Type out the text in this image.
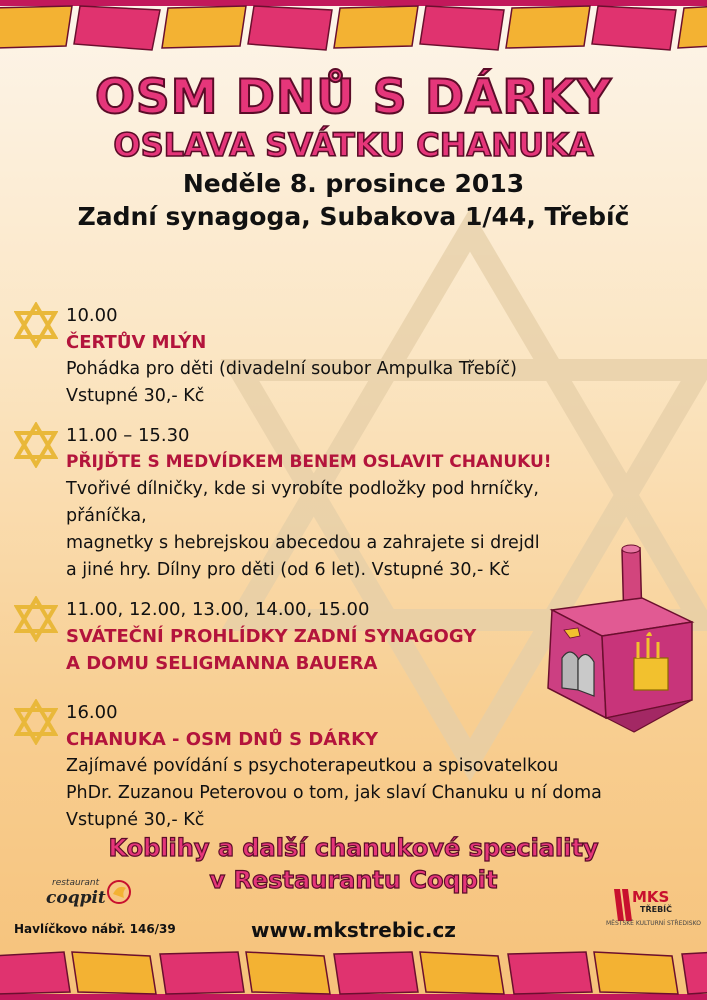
OSM DNŮ S DÁRKY
OSLAVA SVÁTKU CHANUKA
Neděle 8. prosince 2013
Zadní synagoga, Subakova 1/44, Třebíč
10.00
ČERTŮV MLÝN
Pohádka pro děti (divadelní soubor Ampulka Třebíč)
Vstupné 30,- Kč
11.00 – 15.30
PŘIJĎTE S MEDVÍDKEM BENEM OSLAVIT CHANUKU!
Tvořivé dílničky, kde si vyrobíte podložky pod hrníčky, přáníčka,
magnetky s hebrejskou abecedou a zahrajete si drejdl
a jiné hry. Dílny pro děti (od 6 let). Vstupné 30,- Kč
11.00, 12.00, 13.00, 14.00, 15.00
SVÁTEČNÍ PROHLÍDKY ZADNÍ SYNAGOGY
A DOMU SELIGMANNA BAUERA
16.00
CHANUKA - OSM DNŮ S DÁRKY
Zajímavé povídání s psychoterapeutkou a spisovatelkou
PhDr. Zuzanou Peterovou o tom, jak slaví Chanuku u ní doma
Vstupné 30,- Kč
Koblihy a další chanukové speciality
v Restaurantu Coqpit
restaurant
coqpit
Havlíčkovo nábř. 146/39	www.mkstrebic.cz
MKS
TŘEBÍČ
MĚSTSKÉ KULTURNÍ STŘEDISKO
